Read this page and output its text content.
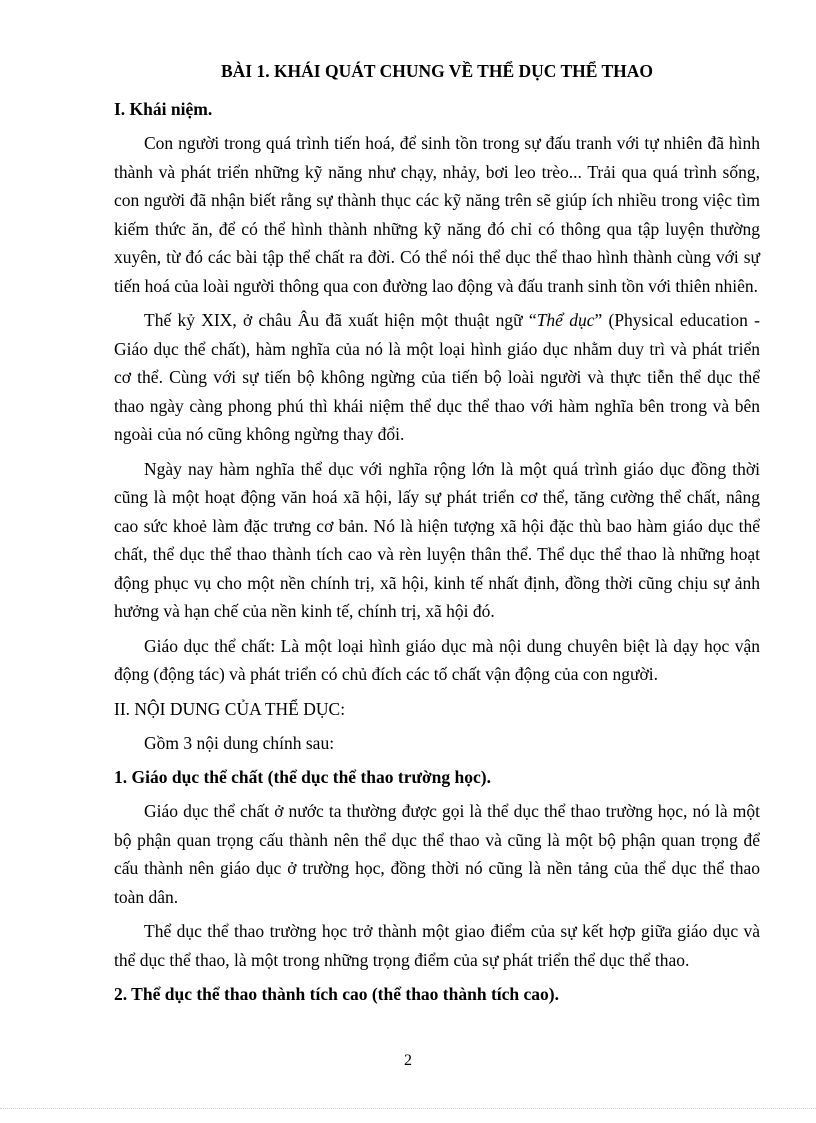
BÀI 1. KHÁI QUÁT CHUNG VỀ THỂ DỤC THỂ THAO
I. Khái niệm.

Con người trong quá trình tiến hoá, để sinh tồn trong sự đấu tranh với tự nhiên đã hình thành và phát triển những kỹ năng như chạy, nhảy, bơi leo trèo... Trải qua quá trình sống, con người đã nhận biết rằng sự thành thục các kỹ năng trên sẽ giúp ích nhiều trong việc tìm kiếm thức ăn, để có thể hình thành những kỹ năng đó chỉ có thông qua tập luyện thường xuyên, từ đó các bài tập thể chất ra đời. Có thể nói thể dục thể thao hình thành cùng với sự tiến hoá của loài người thông qua con đường lao động và đấu tranh sinh tồn với thiên nhiên.

Thế kỷ XIX, ở châu Âu đã xuất hiện một thuật ngữ “Thể dục” (Physical education - Giáo dục thể chất), hàm nghĩa của nó là một loại hình giáo dục nhằm duy trì và phát triển cơ thể. Cùng với sự tiến bộ không ngừng của tiến bộ loài người và thực tiễn thể dục thể thao ngày càng phong phú thì khái niệm thể dục thể thao với hàm nghĩa bên trong và bên ngoài của nó cũng không ngừng thay đổi.

Ngày nay hàm nghĩa thể dục với nghĩa rộng lớn là một quá trình giáo dục đồng thời cũng là một hoạt động văn hoá xã hội, lấy sự phát triển cơ thể, tăng cường thể chất, nâng cao sức khoẻ làm đặc trưng cơ bản. Nó là hiện tượng xã hội đặc thù bao hàm giáo dục thể chất, thể dục thể thao thành tích cao và rèn luyện thân thể. Thể dục thể thao là những hoạt động phục vụ cho một nền chính trị, xã hội, kinh tế nhất định, đồng thời cũng chịu sự ảnh hưởng và hạn chế của nền kinh tế, chính trị, xã hội đó.

Giáo dục thể chất: Là một loại hình giáo dục mà nội dung chuyên biệt là dạy học vận động (động tác) và phát triển có chủ đích các tố chất vận động của con người.

II. NỘI DUNG CỦA THỂ DỤC:

Gồm 3 nội dung chính sau:

1. Giáo dục thể chất (thể dục thể thao trường học).

Giáo dục thể chất ở nước ta thường được gọi là thể dục thể thao trường học, nó là một bộ phận quan trọng cấu thành nên thể dục thể thao và cũng là một bộ phận quan trọng để cấu thành nên giáo dục ở trường học, đồng thời nó cũng là nền tảng của thể dục thể thao toàn dân.

Thể dục thể thao trường học trở thành một giao điểm của sự kết hợp giữa giáo dục và thể dục thể thao, là một trong những trọng điểm của sự phát triển thể dục thể thao.

2. Thể dục thể thao thành tích cao (thể thao thành tích cao).
2
